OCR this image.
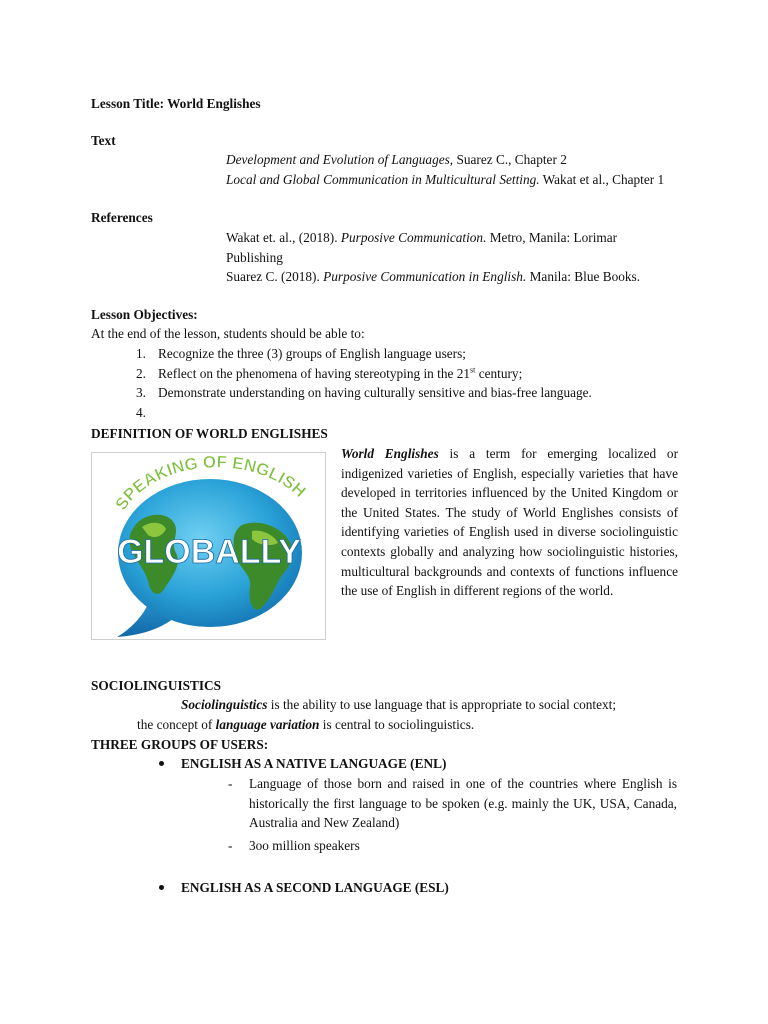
Lesson Title: World Englishes
Text
Development and Evolution of Languages, Suarez C., Chapter 2
Local and Global Communication in Multicultural Setting. Wakat et al., Chapter 1
References
Wakat et. al., (2018). Purposive Communication. Metro, Manila: Lorimar Publishing
Suarez C. (2018). Purposive Communication in English. Manila: Blue Books.
Lesson Objectives:
At the end of the lesson, students should be able to:
1. Recognize the three (3) groups of English language users;
2. Reflect on the phenomena of having stereotyping in the 21st century;
3. Demonstrate understanding on having culturally sensitive and bias-free language.
4.
DEFINITION OF WORLD ENGLISHES
SPEAKING OF ENGLISH
GLOBALLY
World Englishes is a term for emerging localized or indigenized varieties of English, especially varieties that have developed in territories influenced by the United Kingdom or the United States. The study of World Englishes consists of identifying varieties of English used in diverse sociolinguistic contexts globally and analyzing how sociolinguistic histories, multicultural backgrounds and contexts of functions influence the use of English in different regions of the world.
SOCIOLINGUISTICS
Sociolinguistics is the ability to use language that is appropriate to social context;
the concept of language variation is central to sociolinguistics.
THREE GROUPS OF USERS:
ENGLISH AS A NATIVE LANGUAGE (ENL)
- Language of those born and raised in one of the countries where English is historically the first language to be spoken (e.g. mainly the UK, USA, Canada, Australia and New Zealand)
- 3oo million speakers
ENGLISH AS A SECOND LANGUAGE (ESL)
